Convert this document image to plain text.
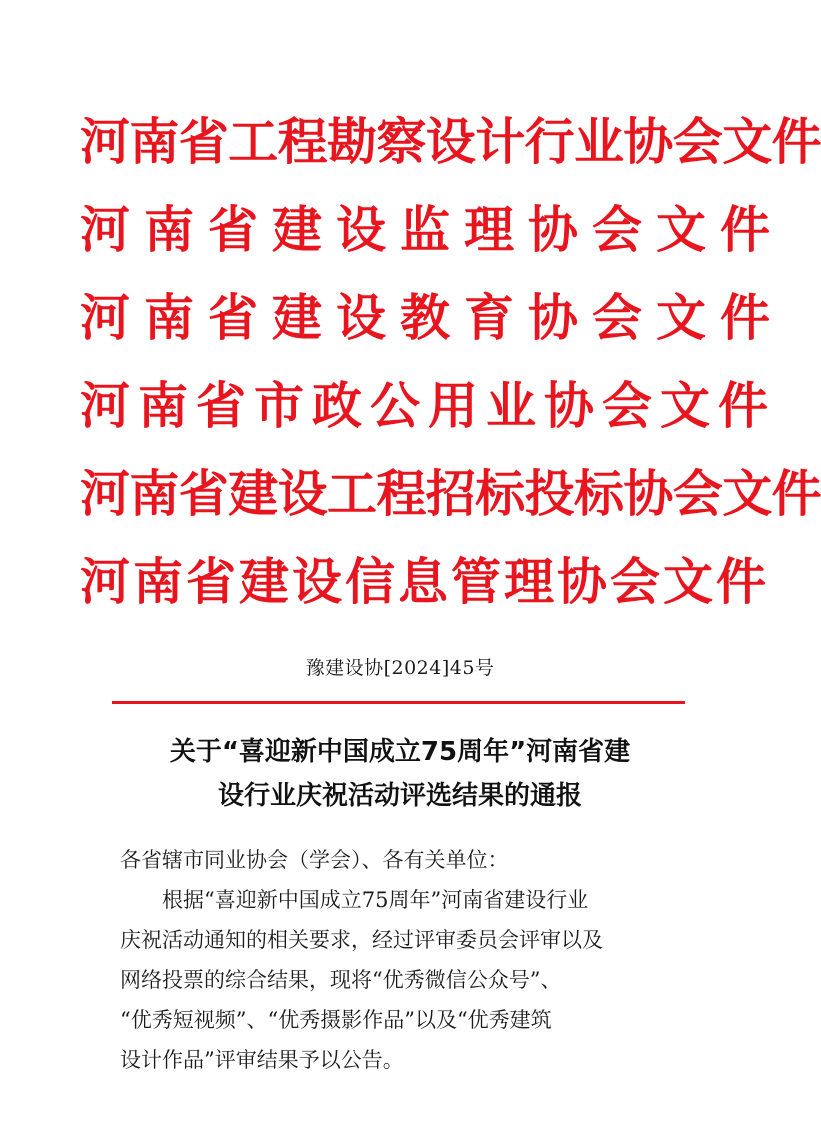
河南省工程勘察设计行业协会文件
河南省建设监理协会文件
河南省建设教育协会文件
河南省市政公用业协会文件
河南省建设工程招标投标协会文件
河南省建设信息管理协会文件
豫建设协[2024]45号
关于“喜迎新中国成立75周年”河南省建
设行业庆祝活动评选结果的通报

各省辖市同业协会（学会）、各有关单位：

根据“喜迎新中国成立75周年”河南省建设行业

庆祝活动通知的相关要求，经过评审委员会评审以及

网络投票的综合结果，现将“优秀微信公众号”、

“优秀短视频”、“优秀摄影作品”以及“优秀建筑

设计作品”评审结果予以公告。
